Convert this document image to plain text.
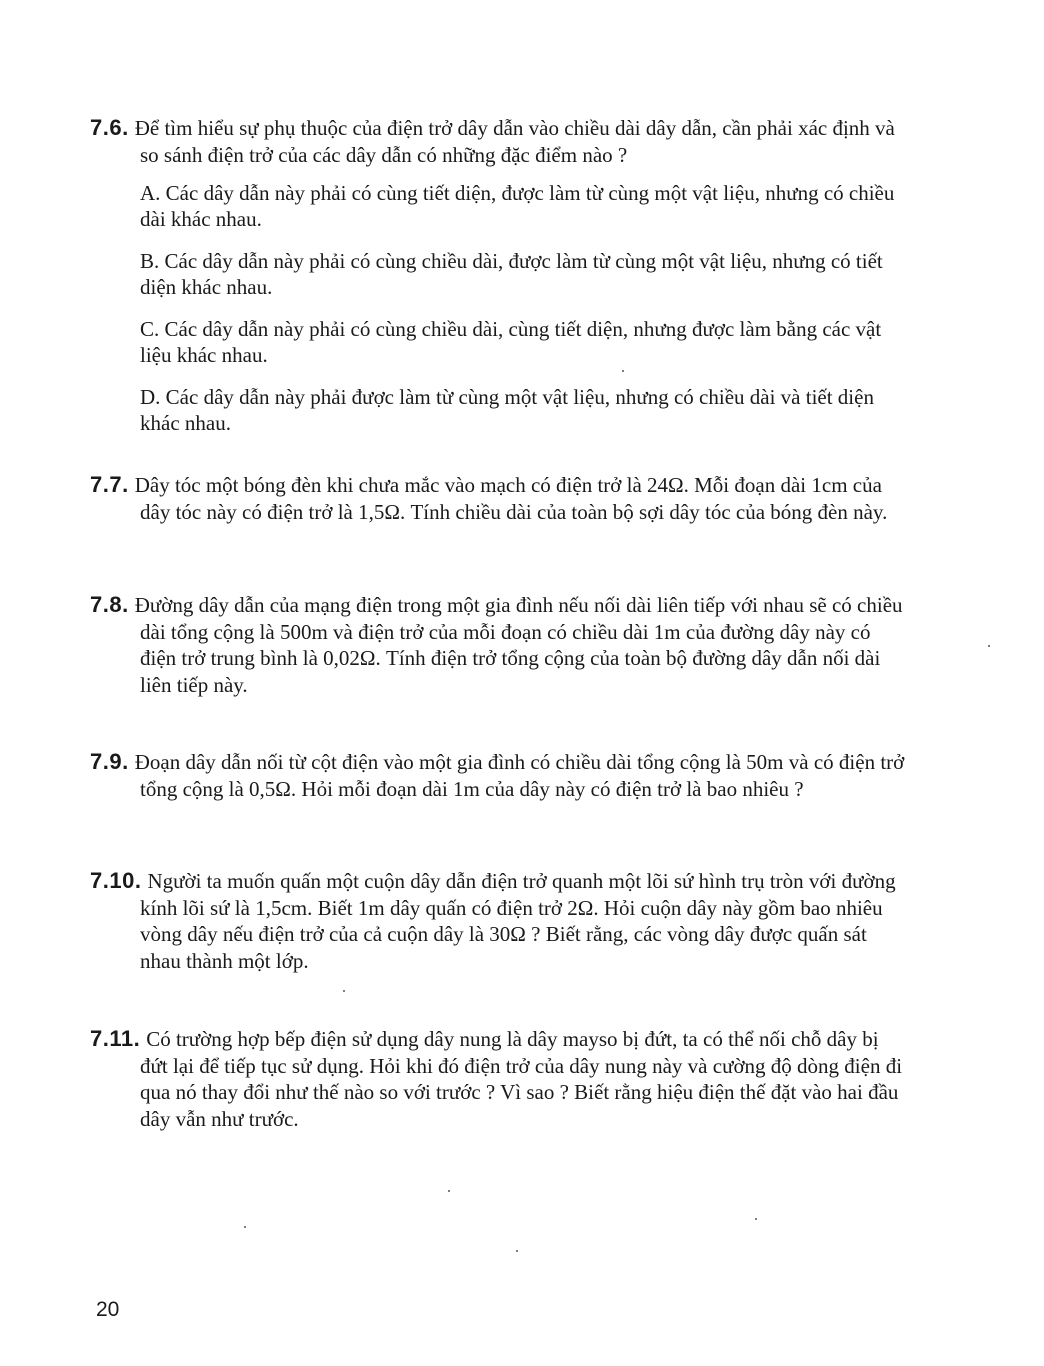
7.6. Để tìm hiểu sự phụ thuộc của điện trở dây dẫn vào chiều dài dây dẫn, cần phải xác định và so sánh điện trở của các dây dẫn có những đặc điểm nào ?

A. Các dây dẫn này phải có cùng tiết diện, được làm từ cùng một vật liệu, nhưng có chiều dài khác nhau.

B. Các dây dẫn này phải có cùng chiều dài, được làm từ cùng một vật liệu, nhưng có tiết diện khác nhau.

C. Các dây dẫn này phải có cùng chiều dài, cùng tiết diện, nhưng được làm bằng các vật liệu khác nhau.

D. Các dây dẫn này phải được làm từ cùng một vật liệu, nhưng có chiều dài và tiết diện khác nhau.

7.7. Dây tóc một bóng đèn khi chưa mắc vào mạch có điện trở là 24Ω. Mỗi đoạn dài 1cm của dây tóc này có điện trở là 1,5Ω. Tính chiều dài của toàn bộ sợi dây tóc của bóng đèn này.

7.8. Đường dây dẫn của mạng điện trong một gia đình nếu nối dài liên tiếp với nhau sẽ có chiều dài tổng cộng là 500m và điện trở của mỗi đoạn có chiều dài 1m của đường dây này có điện trở trung bình là 0,02Ω. Tính điện trở tổng cộng của toàn bộ đường dây dẫn nối dài liên tiếp này.

7.9. Đoạn dây dẫn nối từ cột điện vào một gia đình có chiều dài tổng cộng là 50m và có điện trở tổng cộng là 0,5Ω. Hỏi mỗi đoạn dài 1m của dây này có điện trở là bao nhiêu ?

7.10. Người ta muốn quấn một cuộn dây dẫn điện trở quanh một lõi sứ hình trụ tròn với đường kính lõi sứ là 1,5cm. Biết 1m dây quấn có điện trở 2Ω. Hỏi cuộn dây này gồm bao nhiêu vòng dây nếu điện trở của cả cuộn dây là 30Ω ? Biết rằng, các vòng dây được quấn sát nhau thành một lớp.

7.11. Có trường hợp bếp điện sử dụng dây nung là dây mayso bị đứt, ta có thể nối chỗ dây bị đứt lại để tiếp tục sử dụng. Hỏi khi đó điện trở của dây nung này và cường độ dòng điện đi qua nó thay đổi như thế nào so với trước ? Vì sao ? Biết rằng hiệu điện thế đặt vào hai đầu dây vẫn như trước.

20
